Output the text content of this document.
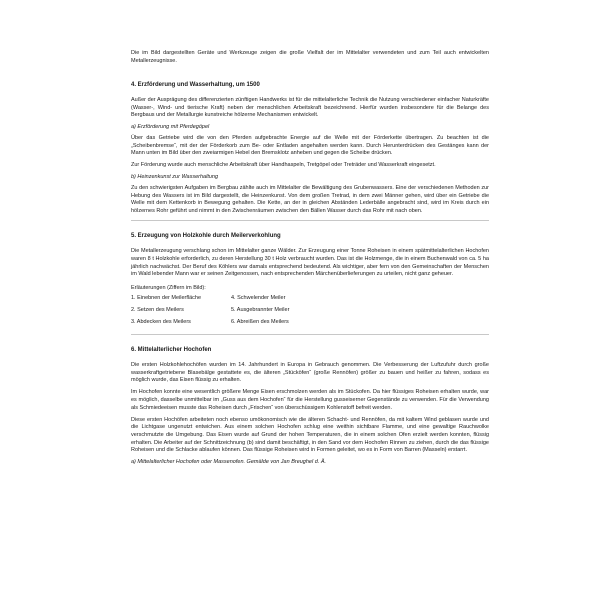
Die im Bild dargestellten Geräte und Werkzeuge zeigen die große Vielfalt der im Mittelalter verwendeten und zum Teil auch entwickelten Metallerzeugnisse.

4. Erzförderung und Wasserhaltung, um 1500

Außer der Ausprägung des differenzierten zünftigen Handwerks ist für die mittelalterliche Technik die Nutzung verschiedener einfacher Naturkräfte (Wasser-, Wind- und tierische Kraft) neben der menschlichen Arbeitskraft bezeichnend. Hierfür wurden insbesondere für die Belange des Bergbaus und der Metallurgie kunstreiche hölzerne Mechanismen entwickelt.

a) Erzförderung mit Pferdegöpel

Über das Getriebe wird die von den Pferden aufgebrachte Energie auf die Welle mit der Förderkette übertragen. Zu beachten ist die „Scheibenbremse“, mit der der Förderkorb zum Be- oder Entladen angehalten werden kann. Durch Herunterdrücken des Gestänges kann der Mann unten im Bild über den zweiarmigen Hebel den Bremsklotz anheben und gegen die Scheibe drücken.

Zur Förderung wurde auch menschliche Arbeitskraft über Handhaspeln, Tretgöpel oder Treträder und Wasserkraft eingesetzt.

b) Heinzenkunst zur Wasserhaltung

Zu den schwierigsten Aufgaben im Bergbau zählte auch im Mittelalter die Bewältigung des Grubenwassers. Eine der verschiedenen Methoden zur Hebung des Wassers ist im Bild dargestellt, die Heinzenkunst. Von dem großen Tretrad, in dem zwei Männer gehen, wird über ein Getriebe die Welle mit dem Kettenkorb in Bewegung gehalten. Die Kette, an der in gleichen Abständen Lederbälle angebracht sind, wird im Kreis durch ein hölzernes Rohr geführt und nimmt in den Zwischenräumen zwischen den Bällen Wasser durch das Rohr mit nach oben.

5. Erzeugung von Holzkohle durch Meilerverkohlung

Die Metallerzeugung verschlang schon im Mittelalter ganze Wälder. Zur Erzeugung einer Tonne Roheisen in einem spätmittelalterlichen Hochofen waren 8 t Holzkohle erforderlich, zu deren Herstellung 30 t Holz verbraucht wurden. Das ist die Holzmenge, die in einem Buchenwald von ca. 5 ha jährlich nachwächst. Der Beruf des Köhlers war damals entsprechend bedeutend. Als wichtiger, aber fern von den Gemeinschaften der Menschen im Wald lebender Mann war er seinen Zeitgenossen, nach entsprechenden Märchenüberlieferungen zu urteilen, nicht ganz geheuer.

Erläuterungen (Ziffern im Bild):

1. Einebnen der Meilerfläche	4. Schwelender Meiler
2. Setzen des Meilers	5. Ausgebrannter Meiler
3. Abdecken des Meilers	6. Abreißen des Meilers
6. Mittelalterlicher Hochofen

Die ersten Holzkohlehochöfen wurden im 14. Jahrhundert in Europa in Gebrauch genommen. Die Verbesserung der Luftzufuhr durch große wasserkraftgetriebene Blasebälge gestattete es, die älteren „Stücköfen“ (große Rennöfen) größer zu bauen und heißer zu fahren, sodass es möglich wurde, das Eisen flüssig zu erhalten.

Im Hochofen konnte eine wesentlich größere Menge Eisen erschmolzen werden als im Stückofen. Da hier flüssiges Roheisen erhalten wurde, war es möglich, dasselbe unmittelbar im „Guss aus dem Hochofen“ für die Herstellung gusseiserner Gegenstände zu verwenden. Für die Verwendung als Schmiedeeisen musste das Roheisen durch „Frischen“ von überschüssigem Kohlenstoff befreit werden.

Diese ersten Hochöfen arbeiteten noch ebenso umökonomisch wie die älteren Schacht- und Rennöfen, da mit kaltem Wind geblasen wurde und die Lichtgase ungenutzt entwichen. Aus einem solchen Hochofen schlug eine weithin sichtbare Flamme, und eine gewaltige Rauchwolke verschmutzte die Umgebung. Das Eisen wurde auf Grund der hohen Temperaturen, die in einem solchen Ofen erzielt werden konnten, flüssig erhalten. Die Arbeiter auf der Schnittzeichnung (b) sind damit beschäftigt, in den Sand vor dem Hochofen Rinnen zu ziehen, durch die das flüssige Roheisen und die Schlacke ablaufen können. Das flüssige Roheisen wird in Formen geleitet, wo es in Form von Barren (Masseln) erstarrt.

a) Mittelalterlicher Hochofen oder Massenofen. Gemälde von Jan Breughel d. Ä.
